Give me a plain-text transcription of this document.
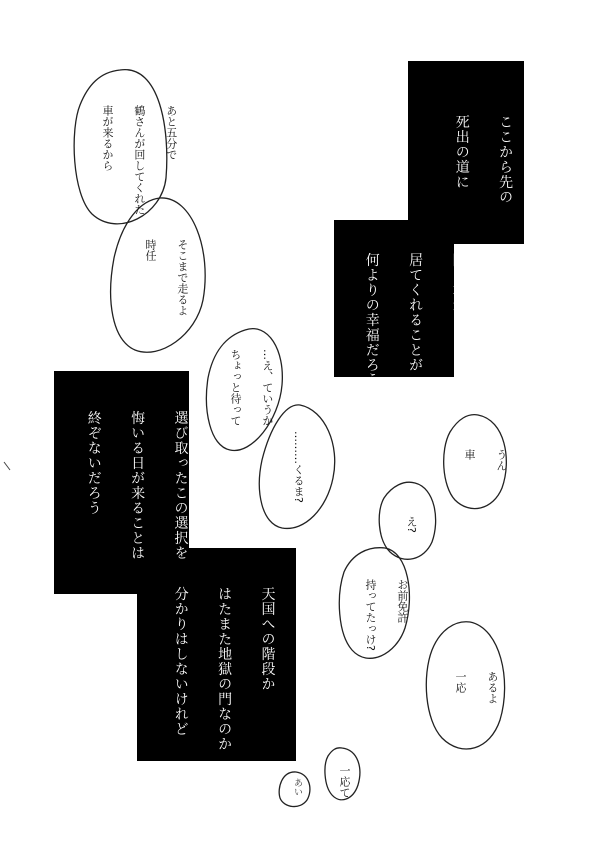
ここから先の

死出の道に

隣に君が

居てくれることが

何よりの幸福だろう

選び取ったこの選択を

悔いる日が来ることは

終ぞないだろう

箱庭を出たこの先は

天国への階段か

はたまた地獄の門なのか

分かりはしないけれど

あと五分で

鶴さんが回してくれた

車が来るから

そこまで走るよ

時任

…え、ていうか

ちょっと待って

………くるま?	うん

車

え?

お前免許

持ってたっけ?

あるよ

一応

一応て

あい
